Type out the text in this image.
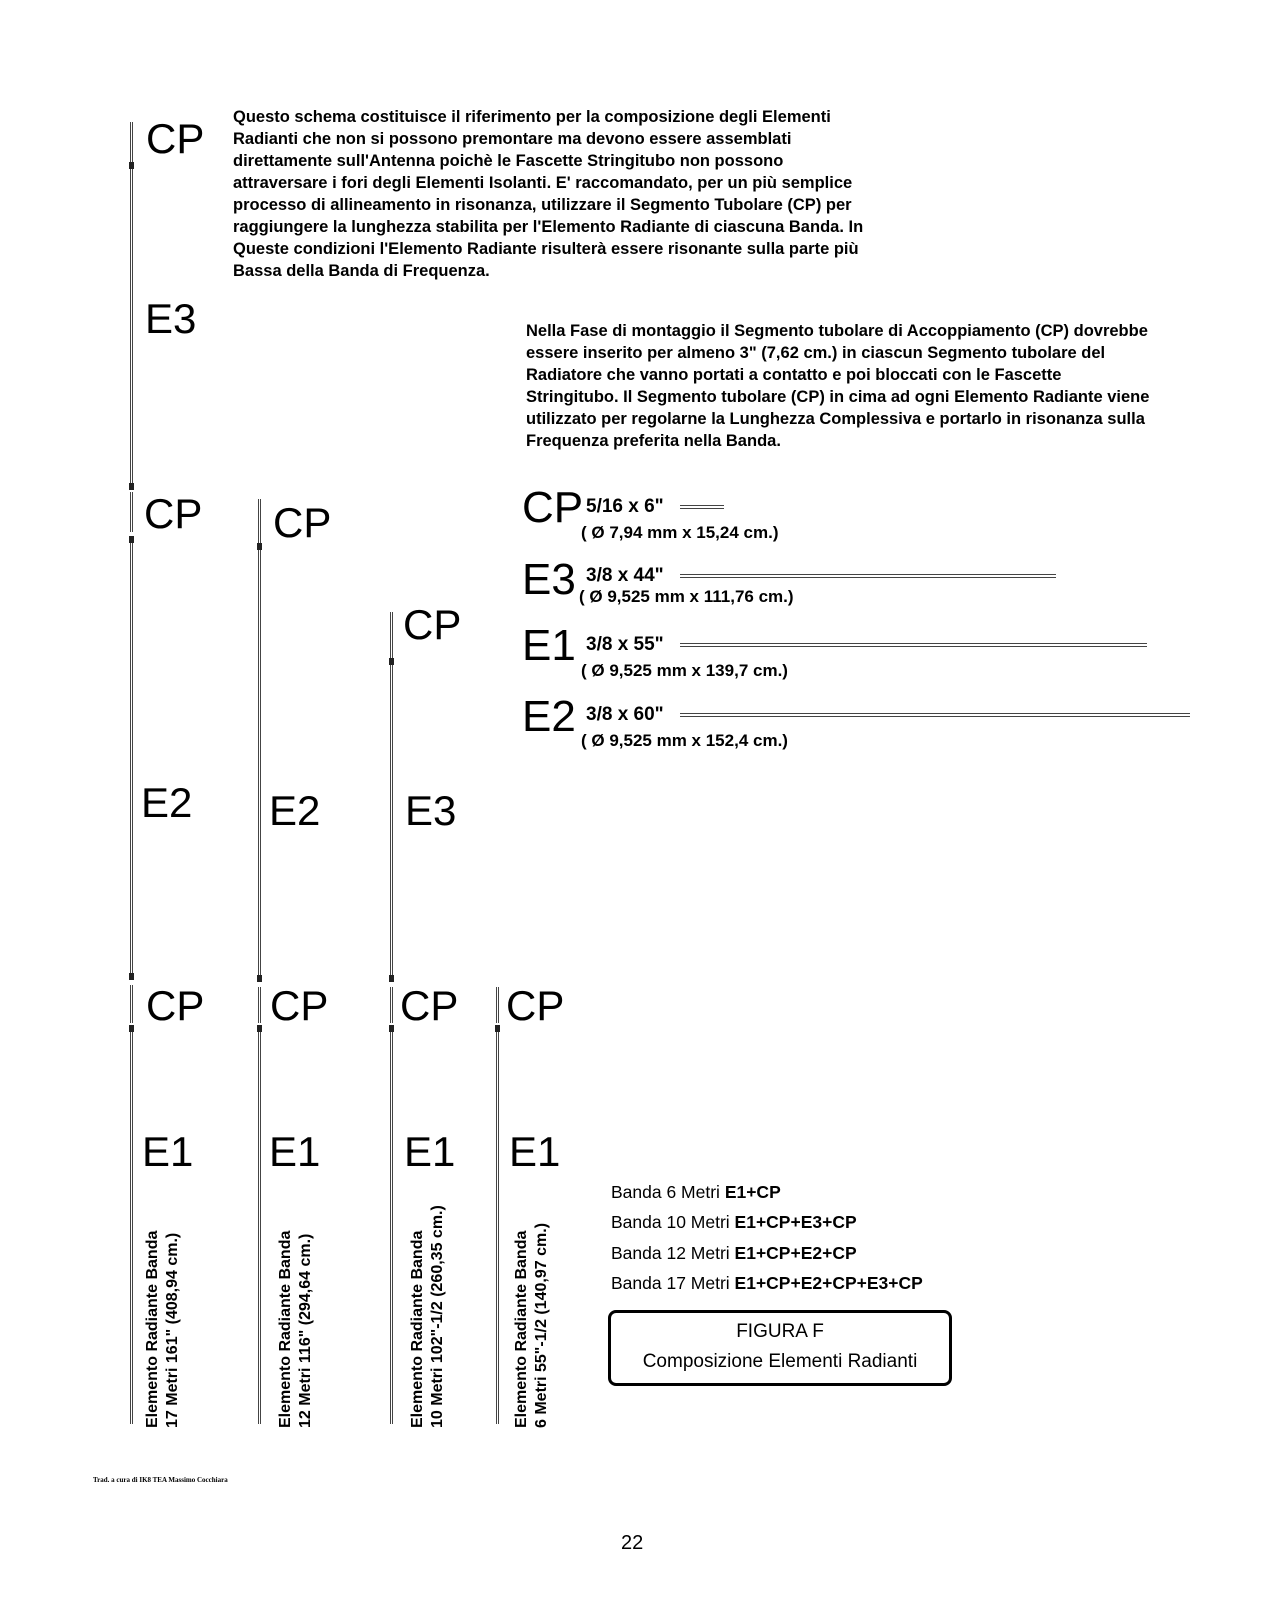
Questo schema costituisce il riferimento per la composizione degli Elementi Radianti che non si possono premontare ma devono essere assemblati direttamente sull'Antenna poichè le Fascette Stringitubo non possono attraversare i fori degli Elementi Isolanti. E' raccomandato, per un più semplice processo di allineamento in risonanza, utilizzare il Segmento Tubolare (CP) per raggiungere la lunghezza stabilita per l'Elemento Radiante di ciascuna Banda. In Queste condizioni l'Elemento Radiante risulterà essere risonante sulla parte più Bassa della Banda di Frequenza.

Nella Fase di montaggio il Segmento tubolare di Accoppiamento (CP) dovrebbe essere inserito per almeno 3" (7,62 cm.) in ciascun Segmento tubolare del Radiatore che vanno portati a contatto e poi bloccati con le Fascette Stringitubo. Il Segmento tubolare (CP) in cima ad ogni Elemento Radiante viene utilizzato per regolarne la Lunghezza Complessiva e portarlo in risonanza sulla Frequenza preferita nella Banda.

CP
E3
CP
E2
CP
E1
Elemento Radiante Banda 17 Metri 161" (408,94 cm.)
CP
E2
CP
E1
Elemento Radiante Banda 12 Metri 116" (294,64 cm.)
CP
E3
CP
E1
Elemento Radiante Banda 10 Metri 102"-1/2 (260,35 cm.)
CP
E1
Elemento Radiante Banda 6 Metri 55"-1/2 (140,97 cm.)
CP 5/16 x 6"
( Ø 7,94 mm x 15,24 cm.)
E3 3/8 x 44"
( Ø 9,525 mm x 111,76 cm.)
E1 3/8 x 55"
( Ø 9,525 mm x 139,7 cm.)
E2 3/8 x 60"
( Ø 9,525 mm x 152,4 cm.)
Banda 6 Metri E1+CP
Banda 10 Metri E1+CP+E3+CP
Banda 12 Metri E1+CP+E2+CP
Banda 17 Metri E1+CP+E2+CP+E3+CP
FIGURA F
Composizione Elementi Radianti
Trad. a cura di IK8 TEA Massimo Cocchiara
22
